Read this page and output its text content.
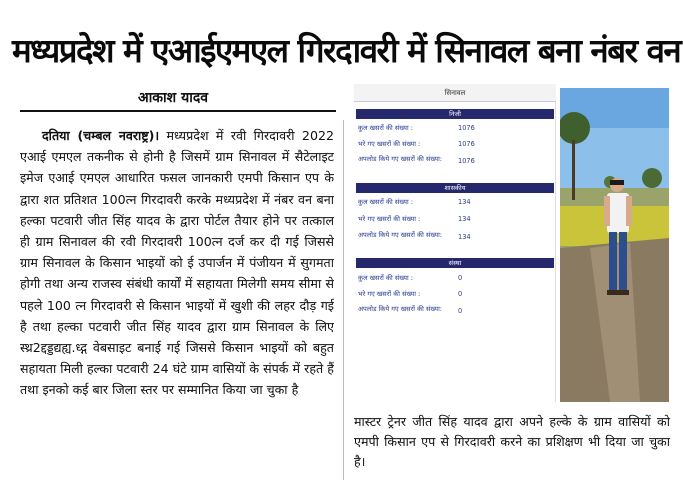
मध्यप्रदेश में एआईएमएल गिरदावरी में सिनावल बना नंबर वन
आकाश यादव
दतिया (चम्बल नवराष्ट्र)। मध्यप्रदेश में रवी गिरदावरी 2022 एआई एमएल तकनीक से होनी है जिसमें ग्राम सिनावल में सैटेलाइट इमेज एआई एमएल आधारित फसल जानकारी एमपी किसान एप के द्वारा शत प्रतिशत 100त्न गिरदावरी करके मध्यप्रदेश में नंबर वन बना हल्का पटवारी जीत सिंह यादव के द्वारा पोर्टल तैयार होने पर तत्काल ही ग्राम सिनावल की रवी गिरदावरी 100त्न दर्ज कर दी गई जिससे ग्राम सिनावल के किसान भाइयों को ई उपार्जन में पंजीयन में सुगमता होगी तथा अन्य राजस्व संबंधी कार्यों में सहायता मिलेगी समय सीमा से पहले 100 त्न गिरदावरी से किसान भाइयों में खुशी की लहर दौड़ गई है तथा हल्का पटवारी जीत सिंह यादव द्वारा ग्राम सिनावल के लिए स्थ्र2द्दड्डद्यह्य.ध्द्ग वेबसाइट बनाई गई जिससे किसान भाइयों को बहुत सहायता मिली हल्का पटवारी 24 घंटे ग्राम वासियों के संपर्क में रहते हैं तथा इनको कई बार जिला स्तर पर सम्मानित किया जा चुका है
सिनावल
निजी
कुल खसरों की संख्या :	1076
भरे गए खसरों की संख्या :	1076
अपलोड किये गए खसरों की संख्या:	1076
शासकीय
कुल खसरों की संख्या :	134
भरे गए खसरों की संख्या :	134
अपलोड किये गए खसरों की संख्या:	134
संस्था
कुल खसरों की संख्या :	0
भरे गए खसरों की संख्या :	0
अपलोड किये गए खसरों की संख्या:	0
मास्टर ट्रेनर जीत सिंह यादव द्वारा अपने हल्के के ग्राम वासियों को एमपी किसान एप से गिरदावरी करने का प्रशिक्षण भी दिया जा चुका है।
